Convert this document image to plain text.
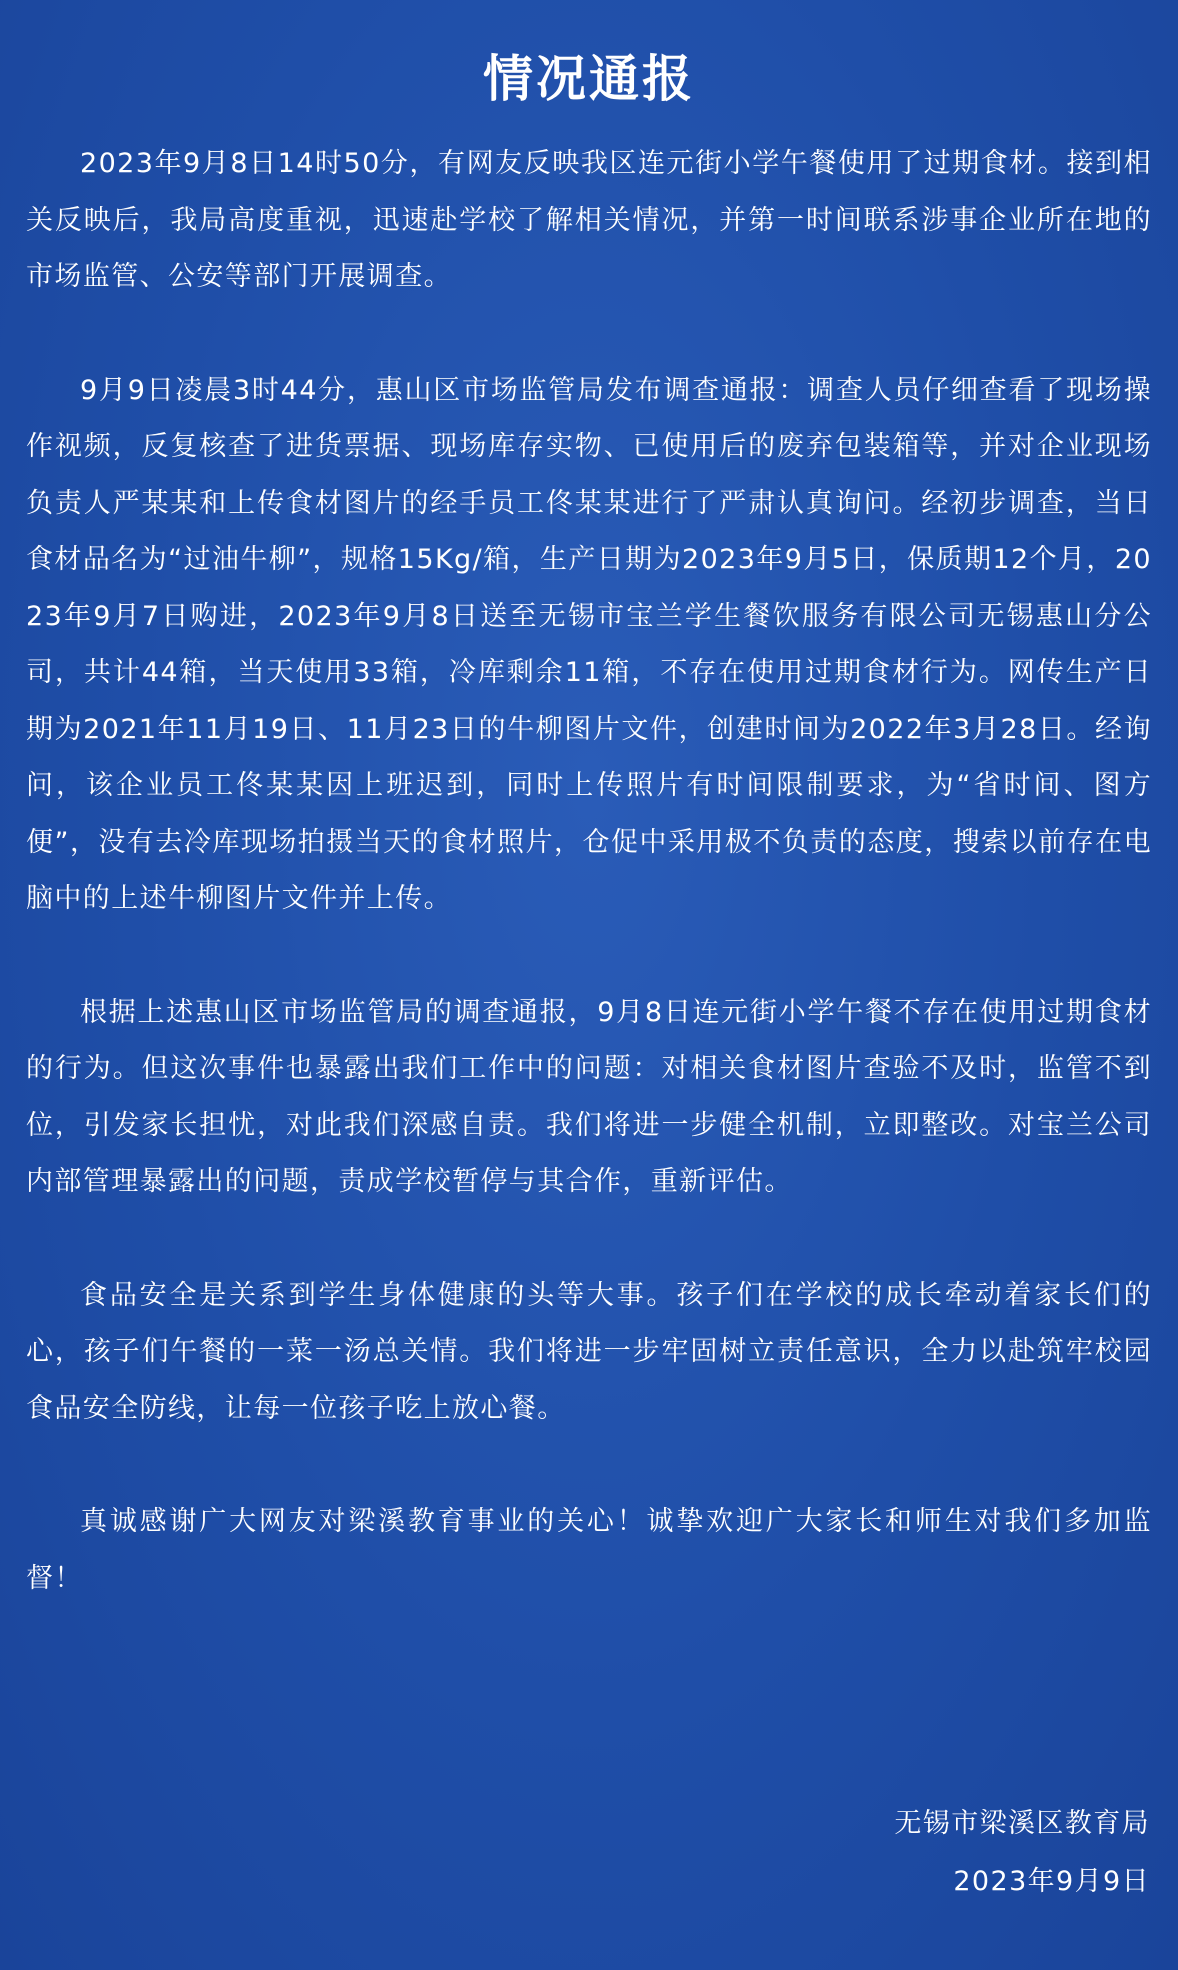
情况通报

2023年9月8日14时50分，有网友反映我区连元街小学午餐使用了过期食材。接到相关反映后，我局高度重视，迅速赴学校了解相关情况，并第一时间联系涉事企业所在地的市场监管、公安等部门开展调查。

9月9日凌晨3时44分，惠山区市场监管局发布调查通报：调查人员仔细查看了现场操作视频，反复核查了进货票据、现场库存实物、已使用后的废弃包装箱等，并对企业现场负责人严某某和上传食材图片的经手员工佟某某进行了严肃认真询问。经初步调查，当日食材品名为“过油牛柳”，规格15Kg/箱，生产日期为2023年9月5日，保质期12个月，2023年9月7日购进，2023年9月8日送至无锡市宝兰学生餐饮服务有限公司无锡惠山分公司，共计44箱，当天使用33箱，冷库剩余11箱，不存在使用过期食材行为。网传生产日期为2021年11月19日、11月23日的牛柳图片文件，创建时间为2022年3月28日。经询问，该企业员工佟某某因上班迟到，同时上传照片有时间限制要求，为“省时间、图方便”，没有去冷库现场拍摄当天的食材照片，仓促中采用极不负责的态度，搜索以前存在电脑中的上述牛柳图片文件并上传。

根据上述惠山区市场监管局的调查通报，9月8日连元街小学午餐不存在使用过期食材的行为。但这次事件也暴露出我们工作中的问题：对相关食材图片查验不及时，监管不到位，引发家长担忧，对此我们深感自责。我们将进一步健全机制，立即整改。对宝兰公司内部管理暴露出的问题，责成学校暂停与其合作，重新评估。

食品安全是关系到学生身体健康的头等大事。孩子们在学校的成长牵动着家长们的心，孩子们午餐的一菜一汤总关情。我们将进一步牢固树立责任意识，全力以赴筑牢校园食品安全防线，让每一位孩子吃上放心餐。

真诚感谢广大网友对梁溪教育事业的关心！诚挚欢迎广大家长和师生对我们多加监督！

无锡市梁溪区教育局
2023年9月9日
